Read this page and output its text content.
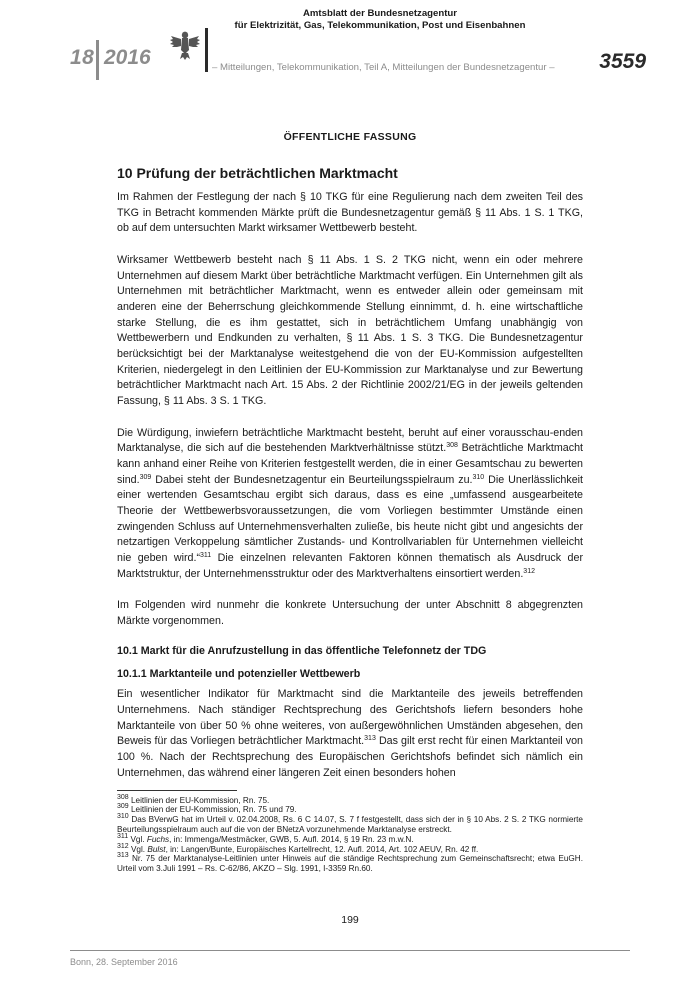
18 2016
Amtsblatt der Bundesnetzagentur
für Elektrizität, Gas, Telekommunikation, Post und Eisenbahnen
– Mitteilungen, Telekommunikation, Teil A, Mitteilungen der Bundesnetzagentur – 3559
ÖFFENTLICHE FASSUNG
10 Prüfung der beträchtlichen Marktmacht

Im Rahmen der Festlegung der nach § 10 TKG für eine Regulierung nach dem zweiten Teil des TKG in Betracht kommenden Märkte prüft die Bundesnetzagentur gemäß § 11 Abs. 1 S. 1 TKG, ob auf dem untersuchten Markt wirksamer Wettbewerb besteht.

Wirksamer Wettbewerb besteht nach § 11 Abs. 1 S. 2 TKG nicht, wenn ein oder mehrere Unternehmen auf diesem Markt über beträchtliche Marktmacht verfügen. Ein Unternehmen gilt als Unternehmen mit beträchtlicher Marktmacht, wenn es entweder allein oder gemeinsam mit anderen eine der Beherrschung gleichkommende Stellung einnimmt, d. h. eine wirtschaftliche starke Stellung, die es ihm gestattet, sich in beträchtlichem Umfang unabhängig von Wettbewerbern und Endkunden zu verhalten, § 11 Abs. 1 S. 3 TKG. Die Bundesnetzagentur berücksichtigt bei der Marktanalyse weitestgehend die von der EU-Kommission aufgestellten Kriterien, niedergelegt in den Leitlinien der EU-Kommission zur Marktanalyse und zur Bewertung beträchtlicher Marktmacht nach Art. 15 Abs. 2 der Richtlinie 2002/21/EG in der jeweils geltenden Fassung, § 11 Abs. 3 S. 1 TKG.

Die Würdigung, inwiefern beträchtliche Marktmacht besteht, beruht auf einer vorausschau-enden Marktanalyse, die sich auf die bestehenden Marktverhältnisse stützt.$^{308}$ Beträchtliche Marktmacht kann anhand einer Reihe von Kriterien festgestellt werden, die in einer Gesamtschau zu bewerten sind.$^{309}$ Dabei steht der Bundesnetzagentur ein Beurteilungsspielraum zu.$^{310}$ Die Unerlässlichkeit einer wertenden Gesamtschau ergibt sich daraus, dass es eine „umfassend ausgearbeitete Theorie der Wettbewerbsvoraussetzungen, die vom Vorliegen bestimmter Umstände einen zwingenden Schluss auf Unternehmensverhalten zuließe, bis heute nicht gibt und angesichts der netzartigen Verkoppelung sämtlicher Zustands- und Kontrollvariablen für Unternehmen vielleicht nie geben wird.“$^{311}$ Die einzelnen relevanten Faktoren können thematisch als Ausdruck der Marktstruktur, der Unternehmensstruktur oder des Marktverhaltens einsortiert werden.$^{312}$

Im Folgenden wird nunmehr die konkrete Untersuchung der unter Abschnitt 8 abgegrenzten Märkte vorgenommen.

10.1 Markt für die Anrufzustellung in das öffentliche Telefonnetz der TDG
10.1.1 Marktanteile und potenzieller Wettbewerb

Ein wesentlicher Indikator für Marktmacht sind die Marktanteile des jeweils betreffenden Unternehmens. Nach ständiger Rechtsprechung des Gerichtshofs liefern besonders hohe Marktanteile von über 50 % ohne weiteres, von außergewöhnlichen Umständen abgesehen, den Beweis für das Vorliegen beträchtlicher Marktmacht.$^{313}$ Das gilt erst recht für einen Marktanteil von 100 %. Nach der Rechtsprechung des Europäischen Gerichtshofs befindet sich nämlich ein Unternehmen, das während einer längeren Zeit einen besonders hohen

$^{308}$ Leitlinien der EU-Kommission, Rn. 75.

$^{309}$ Leitlinien der EU-Kommission, Rn. 75 und 79.

$^{310}$ Das BVerwG hat im Urteil v. 02.04.2008, Rs. 6 C 14.07, S. 7 f festgestellt, dass sich der in § 10 Abs. 2 S. 2 TKG normierte Beurteilungsspielraum auch auf die von der BNetzA vorzunehmende Marktanalyse erstreckt.

$^{311}$ Vgl. Fuchs, in: Immenga/Mestmäcker, GWB, 5. Aufl. 2014, § 19 Rn. 23 m.w.N.

$^{312}$ Vgl. Bulst, in: Langen/Bunte, Europäisches Kartellrecht, 12. Aufl. 2014, Art. 102 AEUV, Rn. 42 ff.

$^{313}$ Nr. 75 der Marktanalyse-Leitlinien unter Hinweis auf die ständige Rechtsprechung zum Gemeinschaftsrecht; etwa EuGH. Urteil vom 3.Juli 1991 – Rs. C-62/86, AKZO – Slg. 1991, I-3359 Rn.60.

199
Bonn, 28. September 2016
